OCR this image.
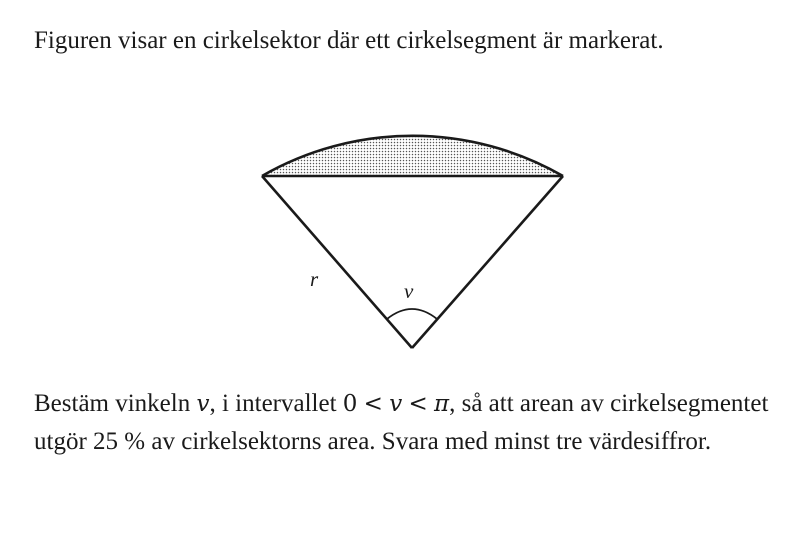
Figuren visar en cirkelsektor där ett cirkelsegment är markerat.
r	v
Bestäm vinkeln v, i intervallet 0 < v < π, så att arean av cirkelsegmentet utgör 25 % av cirkelsektorns area. Svara med minst tre värdesiffror.
